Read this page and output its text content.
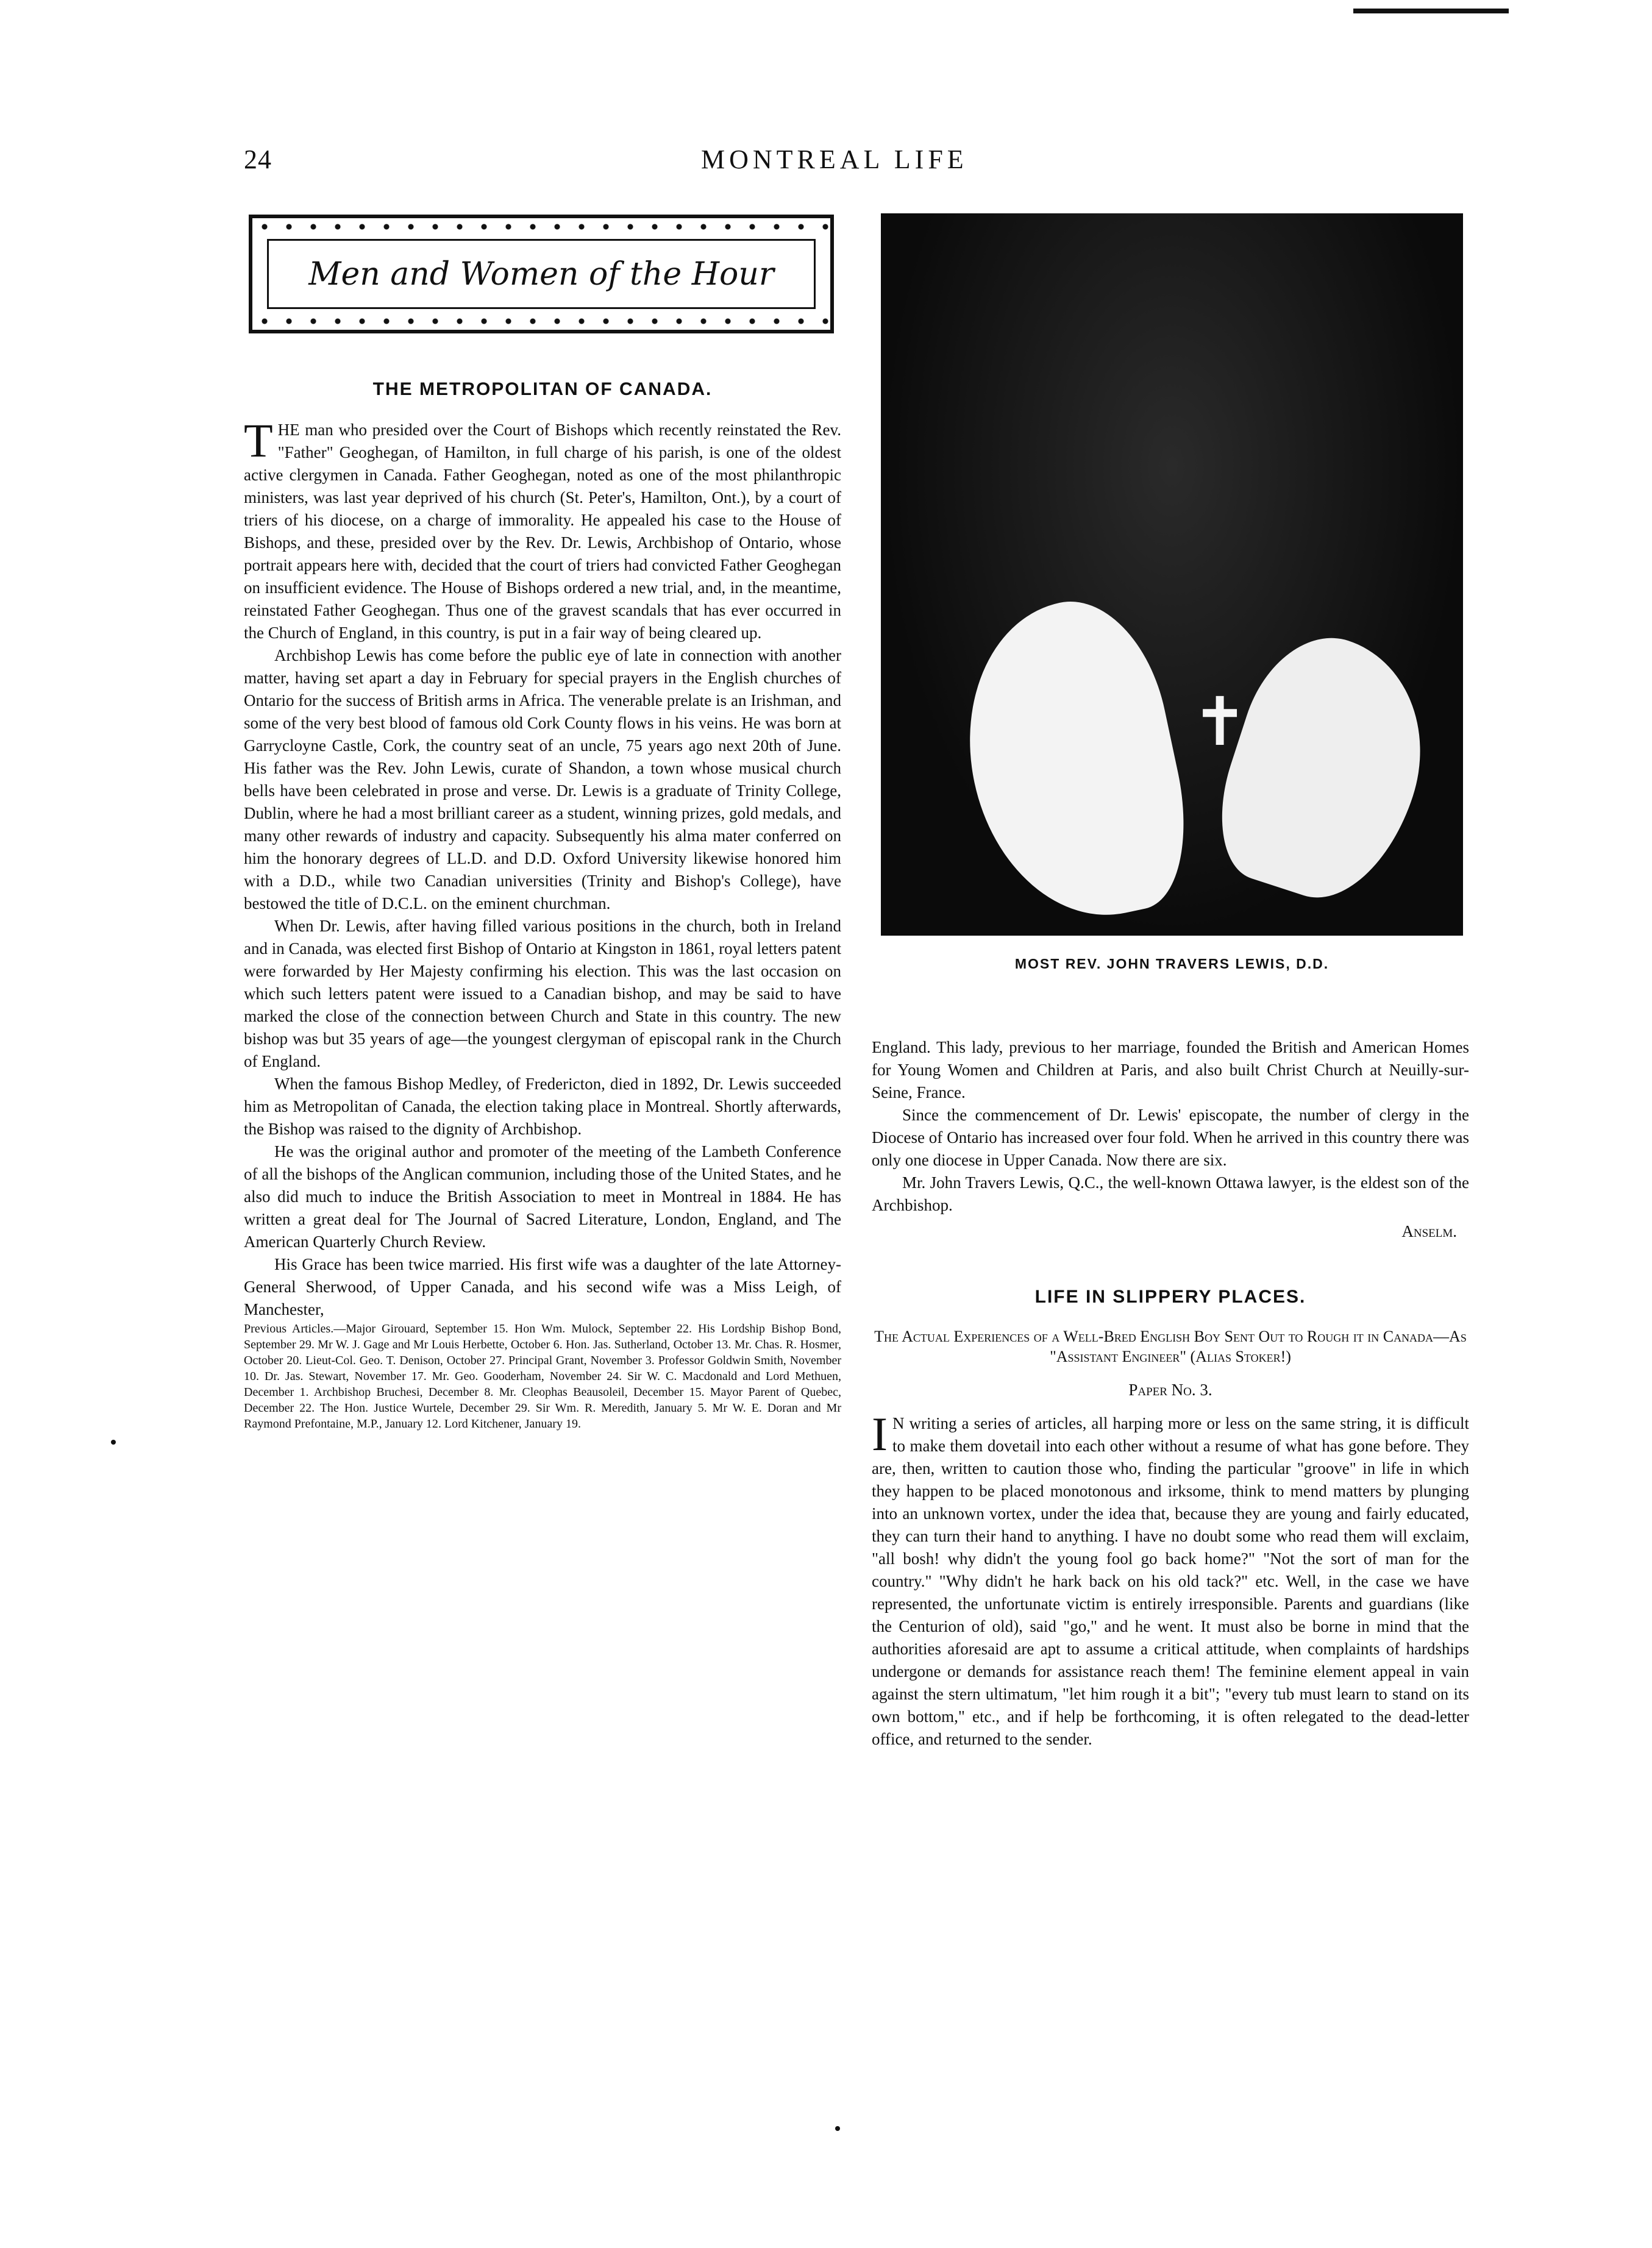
24	MONTREAL LIFE
Men and Women of the Hour
THE METROPOLITAN OF CANADA.

THE man who presided over the Court of Bishops which recently reinstated the Rev. "Father" Geoghegan, of Hamilton, in full charge of his parish, is one of the oldest active clergymen in Canada. Father Geoghegan, noted as one of the most philanthropic ministers, was last year deprived of his church (St. Peter's, Hamilton, Ont.), by a court of triers of his diocese, on a charge of immorality. He appealed his case to the House of Bishops, and these, presided over by the Rev. Dr. Lewis, Archbishop of Ontario, whose portrait appears here with, decided that the court of triers had convicted Father Geoghegan on insufficient evidence. The House of Bishops ordered a new trial, and, in the meantime, reinstated Father Geoghegan. Thus one of the gravest scandals that has ever occurred in the Church of England, in this country, is put in a fair way of being cleared up.

Archbishop Lewis has come before the public eye of late in connection with another matter, having set apart a day in February for special prayers in the English churches of Ontario for the success of British arms in Africa. The venerable prelate is an Irishman, and some of the very best blood of famous old Cork County flows in his veins. He was born at Garrycloyne Castle, Cork, the country seat of an uncle, 75 years ago next 20th of June. His father was the Rev. John Lewis, curate of Shandon, a town whose musical church bells have been celebrated in prose and verse. Dr. Lewis is a graduate of Trinity College, Dublin, where he had a most brilliant career as a student, winning prizes, gold medals, and many other rewards of industry and capacity. Subsequently his alma mater conferred on him the honorary degrees of LL.D. and D.D. Oxford University likewise honored him with a D.D., while two Canadian universities (Trinity and Bishop's College), have bestowed the title of D.C.L. on the eminent churchman.

When Dr. Lewis, after having filled various positions in the church, both in Ireland and in Canada, was elected first Bishop of Ontario at Kingston in 1861, royal letters patent were forwarded by Her Majesty confirming his election. This was the last occasion on which such letters patent were issued to a Canadian bishop, and may be said to have marked the close of the connection between Church and State in this country. The new bishop was but 35 years of age—the youngest clergyman of episcopal rank in the Church of England.

When the famous Bishop Medley, of Fredericton, died in 1892, Dr. Lewis succeeded him as Metropolitan of Canada, the election taking place in Montreal. Shortly afterwards, the Bishop was raised to the dignity of Archbishop.

He was the original author and promoter of the meeting of the Lambeth Conference of all the bishops of the Anglican communion, including those of the United States, and he also did much to induce the British Association to meet in Montreal in 1884. He has written a great deal for The Journal of Sacred Literature, London, England, and The American Quarterly Church Review.

His Grace has been twice married. His first wife was a daughter of the late Attorney-General Sherwood, of Upper Canada, and his second wife was a Miss Leigh, of Manchester,

Previous Articles.—Major Girouard, September 15. Hon Wm. Mulock, September 22. His Lordship Bishop Bond, September 29. Mr W. J. Gage and Mr Louis Herbette, October 6. Hon. Jas. Sutherland, October 13. Mr. Chas. R. Hosmer, October 20. Lieut-Col. Geo. T. Denison, October 27. Principal Grant, November 3. Professor Goldwin Smith, November 10. Dr. Jas. Stewart, November 17. Mr. Geo. Gooderham, November 24. Sir W. C. Macdonald and Lord Methuen, December 1. Archbishop Bruchesi, December 8. Mr. Cleophas Beausoleil, December 15. Mayor Parent of Quebec, December 22. The Hon. Justice Wurtele, December 29. Sir Wm. R. Meredith, January 5. Mr W. E. Doran and Mr Raymond Prefontaine, M.P., January 12. Lord Kitchener, January 19.

✝
MOST REV. JOHN TRAVERS LEWIS, D.D.

England. This lady, previous to her marriage, founded the British and American Homes for Young Women and Children at Paris, and also built Christ Church at Neuilly-sur-Seine, France.

Since the commencement of Dr. Lewis' episcopate, the number of clergy in the Diocese of Ontario has increased over four fold. When he arrived in this country there was only one diocese in Upper Canada. Now there are six.

Mr. John Travers Lewis, Q.C., the well-known Ottawa lawyer, is the eldest son of the Archbishop.

Anselm.
LIFE IN SLIPPERY PLACES.
The Actual Experiences of a Well-Bred English Boy Sent Out to Rough it in Canada—As "Assistant Engineer" (Alias Stoker!)
Paper No. 3.

I N writing a series of articles, all harping more or less on the same string, it is difficult to make them dovetail into each other without a resume of what has gone before. They are, then, written to caution those who, finding the particular "groove" in life in which they happen to be placed monotonous and irksome, think to mend matters by plunging into an unknown vortex, under the idea that, because they are young and fairly educated, they can turn their hand to anything. I have no doubt some who read them will exclaim, "all bosh! why didn't the young fool go back home?" "Not the sort of man for the country." "Why didn't he hark back on his old tack?" etc. Well, in the case we have represented, the unfortunate victim is entirely irresponsible. Parents and guardians (like the Centurion of old), said "go," and he went. It must also be borne in mind that the authorities aforesaid are apt to assume a critical attitude, when complaints of hardships undergone or demands for assistance reach them! The feminine element appeal in vain against the stern ultimatum, "let him rough it a bit"; "every tub must learn to stand on its own bottom," etc., and if help be forthcoming, it is often relegated to the dead-letter office, and returned to the sender.
